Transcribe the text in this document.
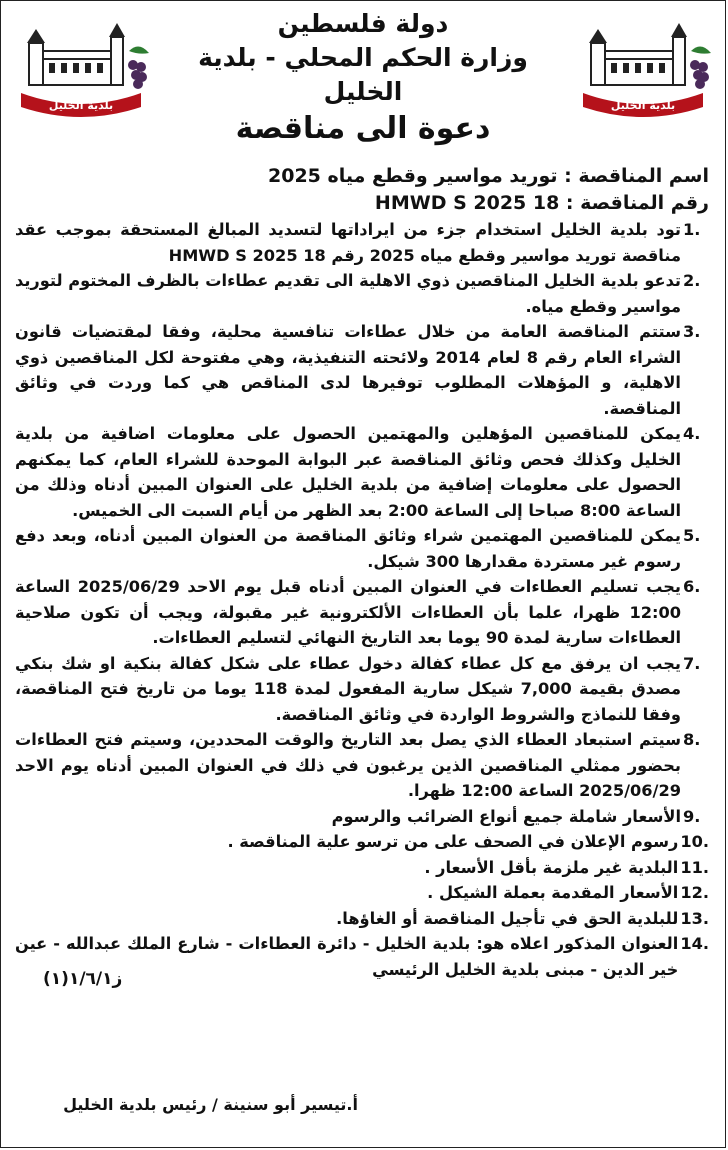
بلدية الخليل	بلدية الخليل
دولة فلسطين
وزارة الحكم المحلي - بلدية الخليل
دعوة الى مناقصة
اسم المناقصة : توريد مواسير وقطع مياه 2025
رقم المناقصة : HMWD S 2025 18
1 .
تود بلدية الخليل استخدام جزء من ايراداتها لتسديد المبالغ المستحقة بموجب عقد مناقصة توريد مواسير وقطع مياه 2025 رقم HMWD S 2025 18
2 .
تدعو بلدية الخليل المناقصين ذوي الاهلية الى تقديم عطاءات بالظرف المختوم لتوريد مواسير وقطع مياه.
3 .
ستتم المناقصة العامة من خلال عطاءات تنافسية محلية، وفقا لمقتضيات قانون الشراء العام رقم 8 لعام 2014 ولائحته التنفيذية، وهي مفتوحة لكل المناقصين ذوي الاهلية، و المؤهلات المطلوب توفيرها لدى المناقص هي كما وردت في وثائق المناقصة.
4 .
يمكن للمناقصين المؤهلين والمهتمين الحصول على معلومات اضافية من بلدية الخليل وكذلك فحص وثائق المناقصة عبر البوابة الموحدة للشراء العام، كما يمكنهم الحصول على معلومات إضافية من بلدية الخليل على العنوان المبين أدناه وذلك من الساعة 8:00 صباحا إلى الساعة 2:00 بعد الظهر من أيام السبت الى الخميس.
5 .
يمكن للمناقصين المهتمين شراء وثائق المناقصة من العنوان المبين أدناه، وبعد دفع رسوم غير مستردة مقدارها 300 شيكل.
6 .
يجب تسليم العطاءات في العنوان المبين أدناه قبل يوم الاحد 2025/06/29 الساعة 12:00 ظهرا، علما بأن العطاءات الألكترونية غير مقبولة، ويجب أن تكون صلاحية العطاءات سارية لمدة 90 يوما بعد التاريخ النهائي لتسليم العطاءات.
7 .
يجب ان يرفق مع كل عطاء كفالة دخول عطاء على شكل كفالة بنكية او شك بنكي مصدق بقيمة 7,000 شيكل سارية المفعول لمدة 118 يوما من تاريخ فتح المناقصة، وفقا للنماذج والشروط الواردة في وثائق المناقصة.
8 .
سيتم استبعاد العطاء الذي يصل بعد التاريخ والوقت المحددين، وسيتم فتح العطاءات بحضور ممثلي المناقصين الذين يرغبون في ذلك في العنوان المبين أدناه يوم الاحد 2025/06/29 الساعة 12:00 ظهرا.
9 .
الأسعار شاملة جميع أنواع الضرائب والرسوم
10 .
رسوم الإعلان في الصحف على من ترسو علية المناقصة .
11 .
البلدية غير ملزمة بأقل الأسعار .
12 .
الأسعار المقدمة بعملة الشيكل .
13 .
للبلدية الحق في تأجيل المناقصة أو الغاؤها.
14 .
العنوان المذكور اعلاه هو: بلدية الخليل - دائرة العطاءات - شارع الملك عبدالله - عين خير الدين - مبنى بلدية الخليل الرئيسي
ز١/٦/١(١)
أ.تيسير أبو سنينة / رئيس بلدية الخليل
